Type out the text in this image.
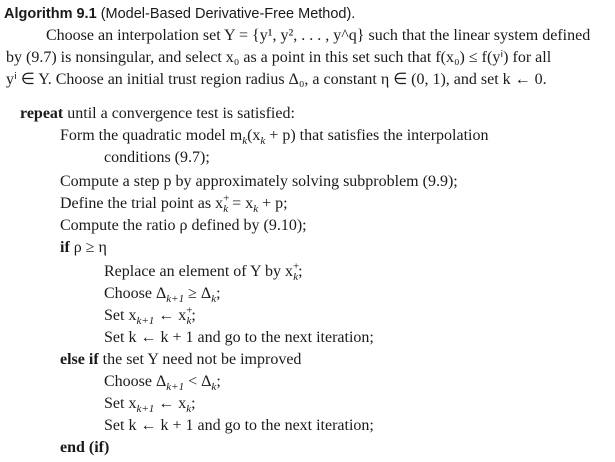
Algorithm 9.1 (Model-Based Derivative-Free Method).
Choose an interpolation set Y = {y¹, y², . . . , y^q} such that the linear system defined
by (9.7) is nonsingular, and select x₀ as a point in this set such that f(x₀) ≤ f(yⁱ) for all
yⁱ ∈ Y. Choose an initial trust region radius Δ₀, a constant η ∈ (0, 1), and set k ← 0.
repeat until a convergence test is satisfied:
Form the quadratic model $m_k(x_k + p)$ that satisfies the interpolation
conditions (9.7);
Compute a step p by approximately solving subproblem (9.9);
Define the trial point as $x^+_k = x_k + p$;
Compute the ratio ρ defined by (9.10);
if ρ ≥ η
Replace an element of Y by $x^+_k$;
Choose $\Delta_{k+1} \ge \Delta_k$;
Set $x_{k+1}$ ← $x^+_k$;
Set k ← k + 1 and go to the next iteration;
else if the set Y need not be improved
Choose $\Delta_{k+1} < \Delta_k$;
Set $x_{k+1}$ ← $x_k$;
Set k ← k + 1 and go to the next iteration;
end (if)
